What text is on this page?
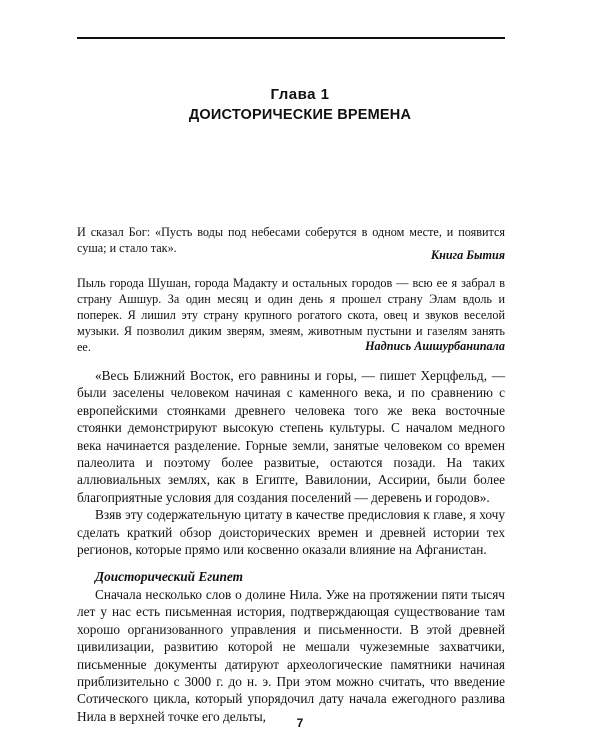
Глава 1
ДОИСТОРИЧЕСКИЕ ВРЕМЕНА
И сказал Бог: «Пусть воды под небесами соберутся в одном месте, и появится суша; и стало так».	Книга Бытия
Пыль города Шушан, города Мадакту и остальных городов — всю ее я забрал в страну Ашшур. За один месяц и один день я прошел страну Элам вдоль и поперек. Я лишил эту страну крупного рогатого скота, овец и звуков веселой музыки. Я позволил диким зверям, змеям, животным пустыни и газелям занять ее.	Надпись Ашшурбанипала

«Весь Ближний Восток, его равнины и горы, — пишет Херцфельд, — были заселены человеком начиная с каменного века, и по сравнению с европейскими стоянками древнего человека того же века восточные стоянки демонстрируют высокую степень культуры. С началом медного века начинается разделение. Горные земли, занятые человеком со времен палеолита и поэтому более развитые, остаются позади. На таких аллювиальных землях, как в Египте, Вавилонии, Ассирии, были более благоприятные условия для создания поселений — деревень и городов».

Взяв эту содержательную цитату в качестве предисловия к главе, я хочу сделать краткий обзор доисторических времен и древней истории тех регионов, которые прямо или косвенно оказали влияние на Афганистан.

Доисторический Египет

Сначала несколько слов о долине Нила. Уже на протяжении пяти тысяч лет у нас есть письменная история, подтверждающая существование там хорошо организованного управления и письменности. В этой древней цивилизации, развитию которой не мешали чужеземные захватчики, письменные документы датируют археологические памятники начиная приблизительно с 3000 г. до н. э. При этом можно считать, что введение Сотического цикла, который упорядочил дату начала ежегодного разлива Нила в верхней точке его дельты,	7
